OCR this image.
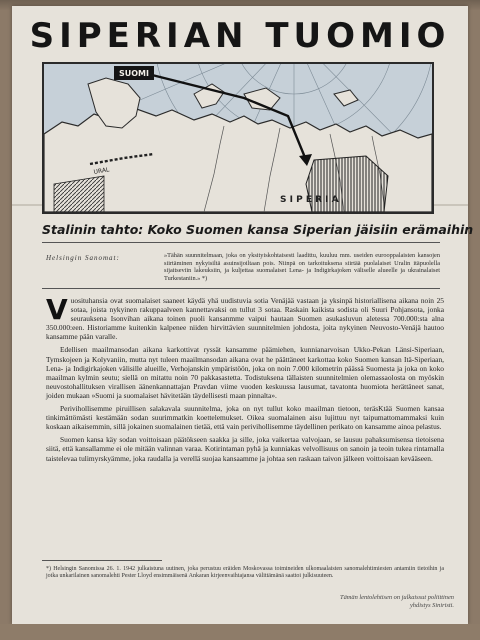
SIPERIAN TUOMIO
URAL
SUOMI
S I P E R I A
Stalinin tahto: Koko Suomen kansa Siperian jäisiin erämaihin
Helsingin Sanomat:	»Tähän suunnitelmaan, joka on yksityiskohtaisesti laadittu, kuuluu mm. useiden eurooppalaisten kansojen siirtäminen nykyisiltä asuinsijoiltaan pois. Niinpä on tarkoituksena siirtää puolalaiset Uralin itäpuolella sijaitseviin lakeuksiin, ja kuljettaa suomalaiset Lena- ja Indigirkajoken väliselle alueelle ja ukrainalaiset Turkestaniin.» *)

Vuosituhansia ovat suomalaiset saaneet käydä yhä uudistuvia sotia Venäjää vastaan ja yksinpä historiallisena aikana noin 25 sotaa, joista nykyinen rakuppaalveen kannettavaksi on tullut 3 sotaa. Raskain kaikista sodista oli Suuri Pohjansota, jonka seurauksena Isonvihan aikana toinen puoli kansanmme vaipui hautaan Suomen asukasluvun aletessa 700.000:sta alna 350.000:een. Historiamme kuitenkin kalpenee niiden hirvittävien suunnitelmien johdosta, joita nykyinen Neuvosto-Venäjä hautoo kansamme pään varalle.

Edellisen maailmansodan aikana karkottivat ryssät kansamme päämiehen, kunnianarvoisan Ukko-Pekan Länsi-Siperiaan, Tymskojeen ja Kolyvaniin, mutta nyt tuleen maailmansodan aikana ovat he päättäneet karkottaa koko Suomen kansan Itä-Siperiaan, Lena- ja Indigirkajoken välisille alueille, Verhojanskin ympäristöön, joka on noin 7.000 kilometrin päässä Suomesta ja joka on koko maailman kylmin seutu; siellä on mitattu noin 70 pakkasastetta. Todistuksena tällaisten suunnitelmien olemassaolosta on myöskin neuvostohallituksen virallisen äänenkannattajan Pravdan viime vuoden keskuussa lausumat, tavatonta huomiota herättäneet sanat, joiden mukaan »Suomi ja suomalaiset hävitetään täydellisesti maan pinnalta».

Perivihollisemme piruillisen salakavala suunnitelma, joka on nyt tullut koko maailman tietoon, teräsKtää Suomen kansaa tinkimättömästi kestämään sodan suurimmatkin koettelemukset. Oikea suomalainen aisu lujittuu nyt taipumattomammaksi kuin koskaan aikaisemmin, sillä jokainen suomalainen tietää, että vain perivihollisemme täydellinen perikato on kansamme ainoa pelastus.

Suomen kansa käy sodan voittoisaan päätökseen saakka ja sille, joka vaikertaa valvojaan, se lausuu pahaksumisensa tietoisena siitä, että kansallamme ei ole mitään valinnan varaa. Kotirintaman pyhä ja kunniakas velvollisuus on sanoin ja teoin tukea rintamalla taistelevaa tulimyrskyämme, joka raudalla ja verellä suojaa kansaamme ja johtaa sen raskaan taivon jälkeen voittoisaan kevääseen.

*) Helsingin Sanomissa 26. 1. 1942 julkaistuna uutinen, joka perustuu eräiden Moskovassa toimineiden ulkomaalaisten sanomalehtimiesten antamiin tietoihin ja jotka unkarilainen sanomalehti Pester Lloyd ensimmäisenä Ankaran kirjeenvaihtajansa välittämänä saattoi julkisuuteen.
Tämän lentolehtisen on julkaissut poliittinen yhdistys Siniristi.
